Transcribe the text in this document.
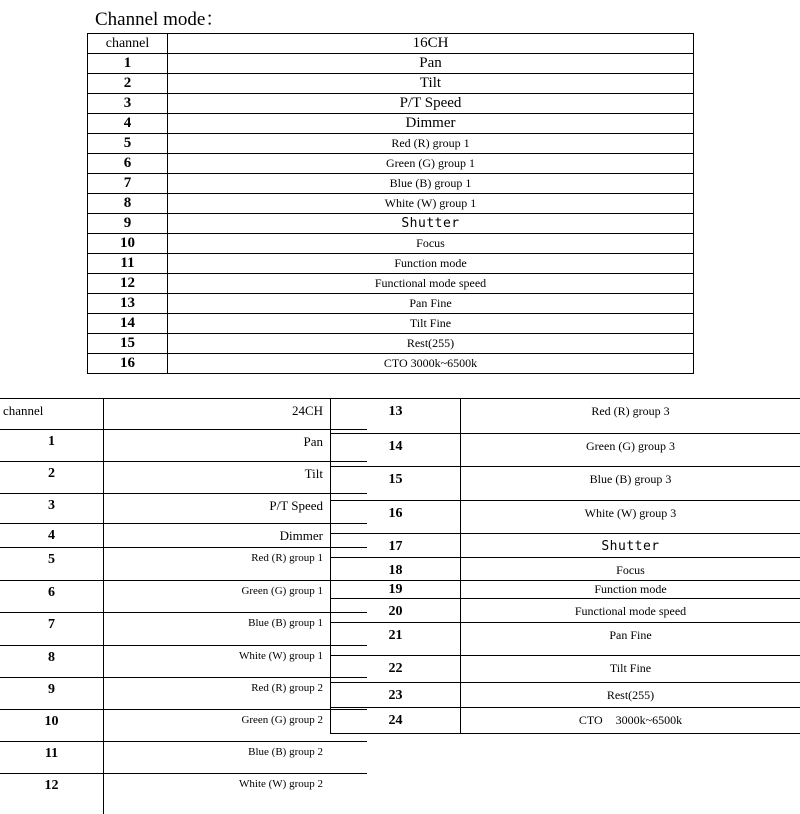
Channel mode：
channel	16CH
1	Pan
2	Tilt
3	P/T Speed
4	Dimmer
5	Red (R) group 1
6	Green (G) group 1
7	Blue (B) group 1
8	White (W) group 1
9	Shutter
10	Focus
11	Function mode
12	Functional mode speed
13	Pan Fine
14	Tilt Fine
15	Rest(255)
16	CTO 3000k~6500k
channel	24CH
1	Pan
2	Tilt
3	P/T Speed
4	Dimmer
5	Red (R) group 1
6	Green (G) group 1
7	Blue (B) group 1
8	White (W) group 1
9	Red (R) group 2
10	Green (G) group 2
11	Blue (B) group 2
12	White (W) group 2
13	Red (R) group 3
14	Green (G) group 3
15	Blue (B) group 3
16	White (W) group 3
17	Shutter
18	Focus
19	Function mode
20	Functional mode speed
21	Pan Fine
22	Tilt Fine
23	Rest(255)
24	CTO 3000k~6500k
